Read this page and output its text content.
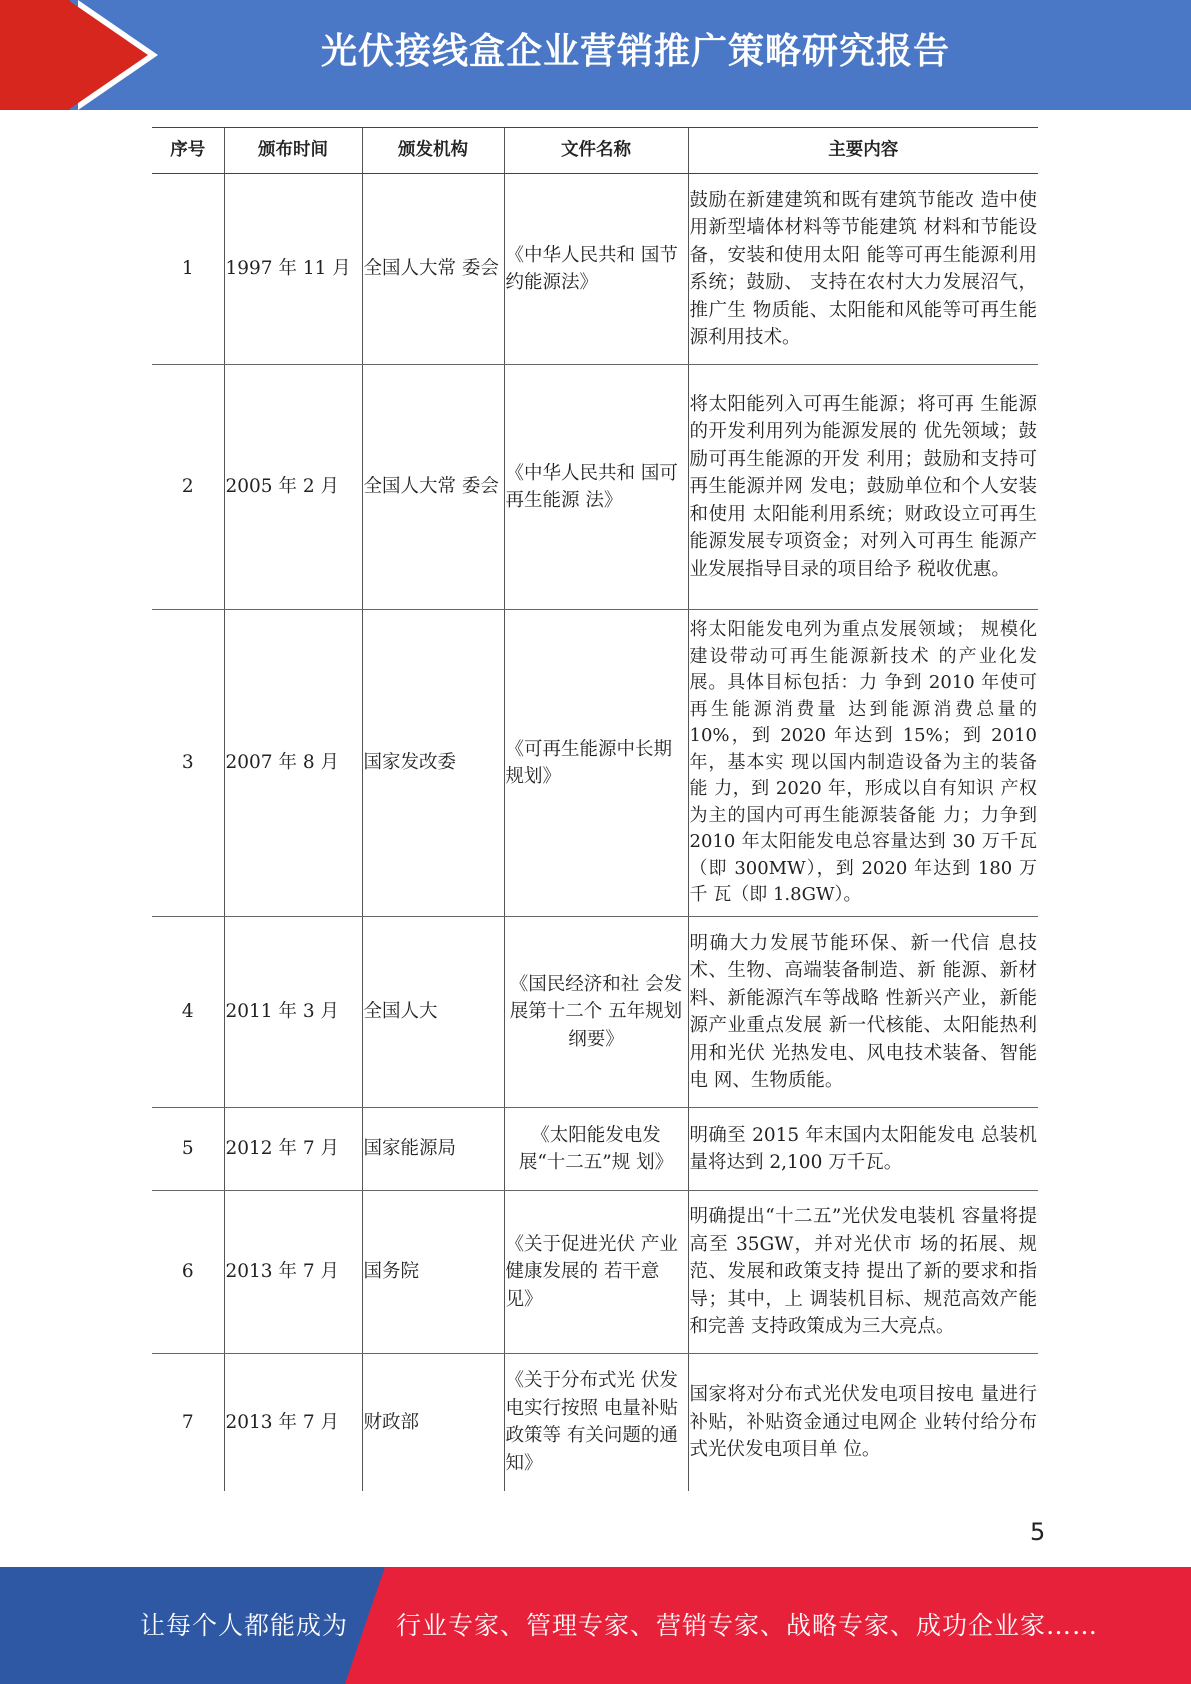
光伏接线盒企业营销推广策略研究报告
序号	颁布时间	颁发机构	文件名称	主要内容
1	1997 年 11 月	全国人大常 委会	《中华人民共和 国节约能源法》	鼓励在新建建筑和既有建筑节能改 造中使用新型墙体材料等节能建筑 材料和节能设备，安装和使用太阳 能等可再生能源利用系统；鼓励、 支持在农村大力发展沼气，推广生 物质能、太阳能和风能等可再生能 源利用技术。
2	2005 年 2 月	全国人大常 委会	《中华人民共和 国可再生能源 法》	将太阳能列入可再生能源；将可再 生能源的开发利用列为能源发展的 优先领域；鼓励可再生能源的开发 利用；鼓励和支持可再生能源并网 发电；鼓励单位和个人安装和使用 太阳能利用系统；财政设立可再生 能源发展专项资金；对列入可再生 能源产业发展指导目录的项目给予 税收优惠。
3	2007 年 8 月	国家发改委	《可再生能源中长期规划》	将太阳能发电列为重点发展领域； 规模化建设带动可再生能源新技术 的产业化发展。具体目标包括：力 争到 2010 年使可再生能源消费量 达到能源消费总量的 10%，到 2020 年达到 15%；到 2010 年，基本实 现以国内制造设备为主的装备能 力，到 2020 年，形成以自有知识 产权为主的国内可再生能源装备能 力；力争到 2010 年太阳能发电总容量达到 30 万千瓦（即 300MW），到 2020 年达到 180 万千 瓦（即 1.8GW）。
4	2011 年 3 月	全国人大	《国民经济和社 会发展第十二个 五年规划纲要》	明确大力发展节能环保、新一代信 息技术、生物、高端装备制造、新 能源、新材料、新能源汽车等战略 性新兴产业，新能源产业重点发展 新一代核能、太阳能热利用和光伏 光热发电、风电技术装备、智能电 网、生物质能。
5	2012 年 7 月	国家能源局	《太阳能发电发 展“十二五”规 划》	明确至 2015 年末国内太阳能发电 总装机量将达到 2,100 万千瓦。
6	2013 年 7 月	国务院	《关于促进光伏 产业健康发展的 若干意见》	明确提出“十二五”光伏发电装机 容量将提高至 35GW，并对光伏市 场的拓展、规范、发展和政策支持 提出了新的要求和指导；其中，上 调装机目标、规范高效产能和完善 支持政策成为三大亮点。
7	2013 年 7 月	财政部	《关于分布式光 伏发电实行按照 电量补贴政策等 有关问题的通 知》	国家将对分布式光伏发电项目按电 量进行补贴，补贴资金通过电网企 业转付给分布式光伏发电项目单 位。
5
让每个人都能成为 行业专家、管理专家、营销专家、战略专家、成功企业家……
